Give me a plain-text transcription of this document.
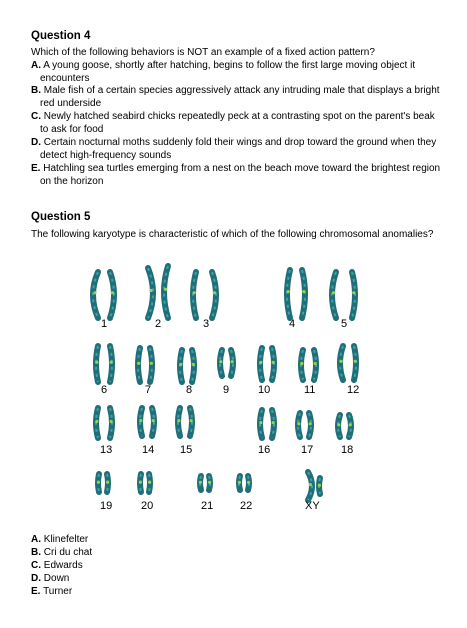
Question 4
Which of the following behaviors is NOT an example of a fixed action pattern?
A. A young goose, shortly after hatching, begins to follow the first large moving object it
encounters
B. Male fish of a certain species aggressively attack any intruding male that displays a bright
red underside
C. Newly hatched seabird chicks repeatedly peck at a contrasting spot on the parent's beak
to ask for food
D. Certain nocturnal moths suddenly fold their wings and drop toward the ground when they
detect high-frequency sounds
E. Hatchling sea turtles emerging from a nest on the beach move toward the brightest region
on the horizon
Question 5
The following karyotype is characteristic of which of the following chromosomal anomalies?
1	2	3	4	5
6	7	8	9	10	11	12
13	14 15	16	17	18
19	20	21 22	XY
A. Klinefelter
B. Cri du chat
C. Edwards
D. Down
E. Turner
